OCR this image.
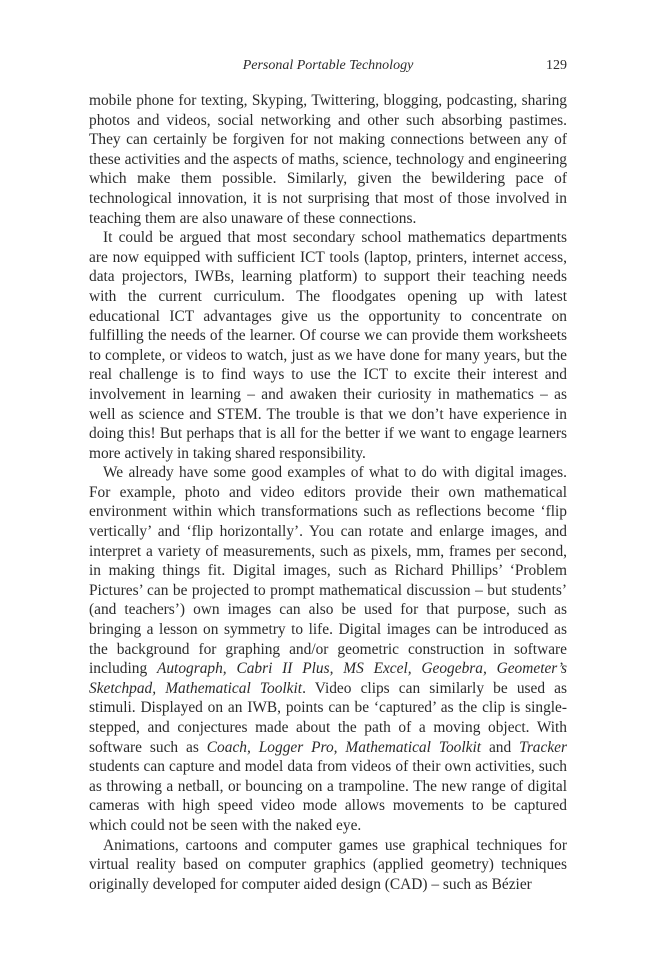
Personal Portable Technology	129

mobile phone for texting, Skyping, Twittering, blogging, podcasting, sharing photos and videos, social networking and other such absorbing pastimes. They can certainly be forgiven for not making connections between any of these activities and the aspects of maths, science, technology and engineering which make them possible. Similarly, given the bewildering pace of technological innovation, it is not surprising that most of those involved in teaching them are also unaware of these connections.

It could be argued that most secondary school mathematics departments are now equipped with sufficient ICT tools (laptop, printers, internet access, data projectors, IWBs, learning platform) to support their teaching needs with the current curriculum. The floodgates opening up with latest educational ICT advantages give us the opportunity to concentrate on fulfilling the needs of the learner. Of course we can provide them worksheets to complete, or videos to watch, just as we have done for many years, but the real challenge is to find ways to use the ICT to excite their interest and involvement in learning – and awaken their curiosity in mathematics – as well as science and STEM. The trouble is that we don’t have experience in doing this! But perhaps that is all for the better if we want to engage learners more actively in taking shared responsibility.

We already have some good examples of what to do with digital images. For example, photo and video editors provide their own mathematical environment within which transformations such as reflections become ‘flip vertically’ and ‘flip horizontally’. You can rotate and enlarge images, and interpret a variety of measurements, such as pixels, mm, frames per second, in making things fit. Digital images, such as Richard Phillips’ ‘Problem Pictures’ can be projected to prompt mathematical discussion – but students’ (and teachers’) own images can also be used for that purpose, such as bringing a lesson on symmetry to life. Digital images can be introduced as the background for graphing and/or geometric construction in software including Autograph, Cabri II Plus, MS Excel, Geogebra, Geometer’s Sketchpad, Mathematical Toolkit. Video clips can similarly be used as stimuli. Displayed on an IWB, points can be ‘captured’ as the clip is single-stepped, and conjectures made about the path of a moving object. With software such as Coach, Logger Pro, Mathematical Toolkit and Tracker students can capture and model data from videos of their own activities, such as throwing a netball, or bouncing on a trampoline. The new range of digital cameras with high speed video mode allows movements to be captured which could not be seen with the naked eye.

Animations, cartoons and computer games use graphical techniques for virtual reality based on computer graphics (applied geometry) techniques originally developed for computer aided design (CAD) – such as Bézier
